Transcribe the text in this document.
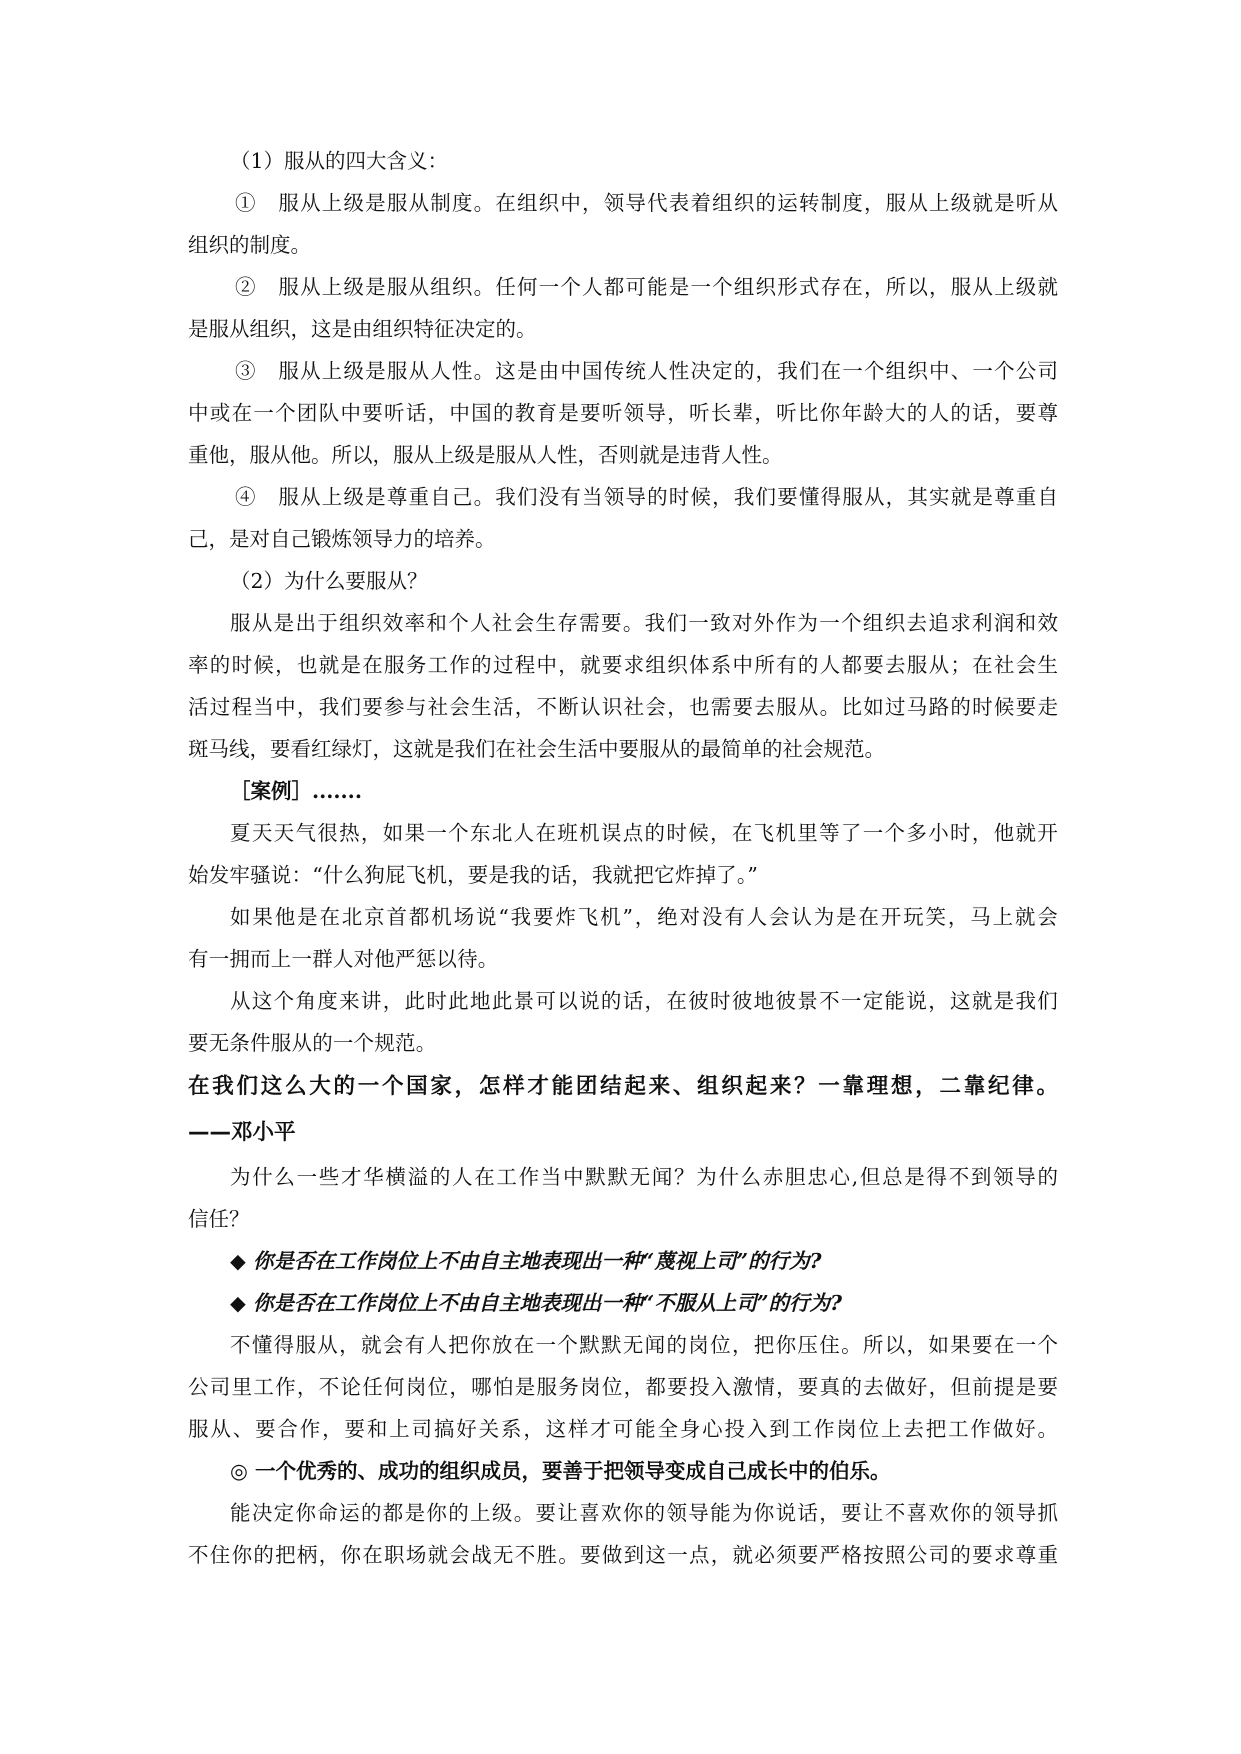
（1）服从的四大含义：
①　服从上级是服从制度。在组织中，领导代表着组织的运转制度，服从上级就是听从
组织的制度。
②　服从上级是服从组织。任何一个人都可能是一个组织形式存在，所以，服从上级就
是服从组织，这是由组织特征决定的。
③　服从上级是服从人性。这是由中国传统人性决定的，我们在一个组织中、一个公司
中或在一个团队中要听话，中国的教育是要听领导，听长辈，听比你年龄大的人的话，要尊
重他，服从他。所以，服从上级是服从人性，否则就是违背人性。
④　服从上级是尊重自己。我们没有当领导的时候，我们要懂得服从，其实就是尊重自
己，是对自己锻炼领导力的培养。
（2）为什么要服从？
服从是出于组织效率和个人社会生存需要。我们一致对外作为一个组织去追求利润和效
率的时候，也就是在服务工作的过程中，就要求组织体系中所有的人都要去服从；在社会生
活过程当中，我们要参与社会生活，不断认识社会，也需要去服从。比如过马路的时候要走
斑马线，要看红绿灯，这就是我们在社会生活中要服从的最简单的社会规范。
［案例］.......
夏天天气很热，如果一个东北人在班机误点的时候，在飞机里等了一个多小时，他就开
始发牢骚说：“什么狗屁飞机，要是我的话，我就把它炸掉了。”
如果他是在北京首都机场说“我要炸飞机”，绝对没有人会认为是在开玩笑，马上就会
有一拥而上一群人对他严惩以待。
从这个角度来讲，此时此地此景可以说的话，在彼时彼地彼景不一定能说，这就是我们
要无条件服从的一个规范。
在我们这么大的一个国家，怎样才能团结起来、组织起来？一靠理想，二靠纪律。
——邓小平
为什么一些才华横溢的人在工作当中默默无闻？为什么赤胆忠心,但总是得不到领导的
信任？
◆ 你是否在工作岗位上不由自主地表现出一种“蔑视上司”的行为?
◆ 你是否在工作岗位上不由自主地表现出一种“不服从上司”的行为?
不懂得服从，就会有人把你放在一个默默无闻的岗位，把你压住。所以，如果要在一个
公司里工作，不论任何岗位，哪怕是服务岗位，都要投入激情，要真的去做好，但前提是要
服从、要合作，要和上司搞好关系，这样才可能全身心投入到工作岗位上去把工作做好。
◎ 一个优秀的、成功的组织成员，要善于把领导变成自己成长中的伯乐。
能决定你命运的都是你的上级。要让喜欢你的领导能为你说话，要让不喜欢你的领导抓
不住你的把柄，你在职场就会战无不胜。要做到这一点，就必须要严格按照公司的要求尊重
